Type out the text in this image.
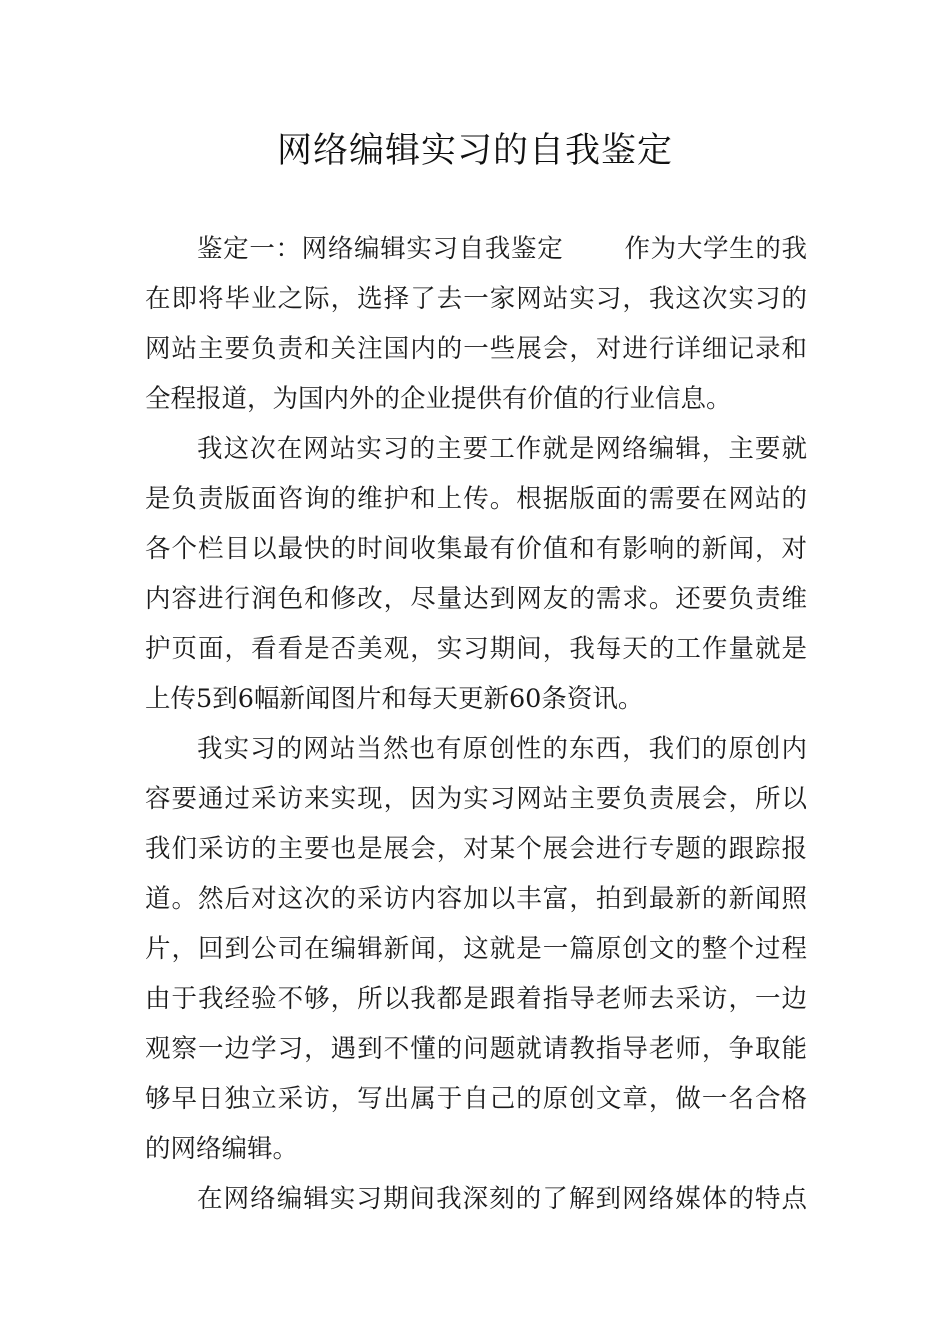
网络编辑实习的自我鉴定
鉴定一：网络编辑实习自我鉴定　　 作为大学生的我
在即将毕业之际，选择了去一家网站实习，我这次实习的
网站主要负责和关注国内的一些展会，对进行详细记录和
全程报道，为国内外的企业提供有价值的行业信息。
我这次在网站实习的主要工作就是网络编辑，主要就
是负责版面咨询的维护和上传。根据版面的需要在网站的
各个栏目以最快的时间收集最有价值和有影响的新闻，对
内容进行润色和修改，尽量达到网友的需求。还要负责维
护页面，看看是否美观，实习期间，我每天的工作量就是
上传5到6幅新闻图片和每天更新60条资讯。
我实习的网站当然也有原创性的东西，我们的原创内
容要通过采访来实现，因为实习网站主要负责展会，所以
我们采访的主要也是展会，对某个展会进行专题的跟踪报
道。然后对这次的采访内容加以丰富，拍到最新的新闻照
片，回到公司在编辑新闻，这就是一篇原创文的整个过程
由于我经验不够，所以我都是跟着指导老师去采访，一边
观察一边学习，遇到不懂的问题就请教指导老师，争取能
够早日独立采访，写出属于自己的原创文章，做一名合格
的网络编辑。
在网络编辑实习期间我深刻的了解到网络媒体的特点
